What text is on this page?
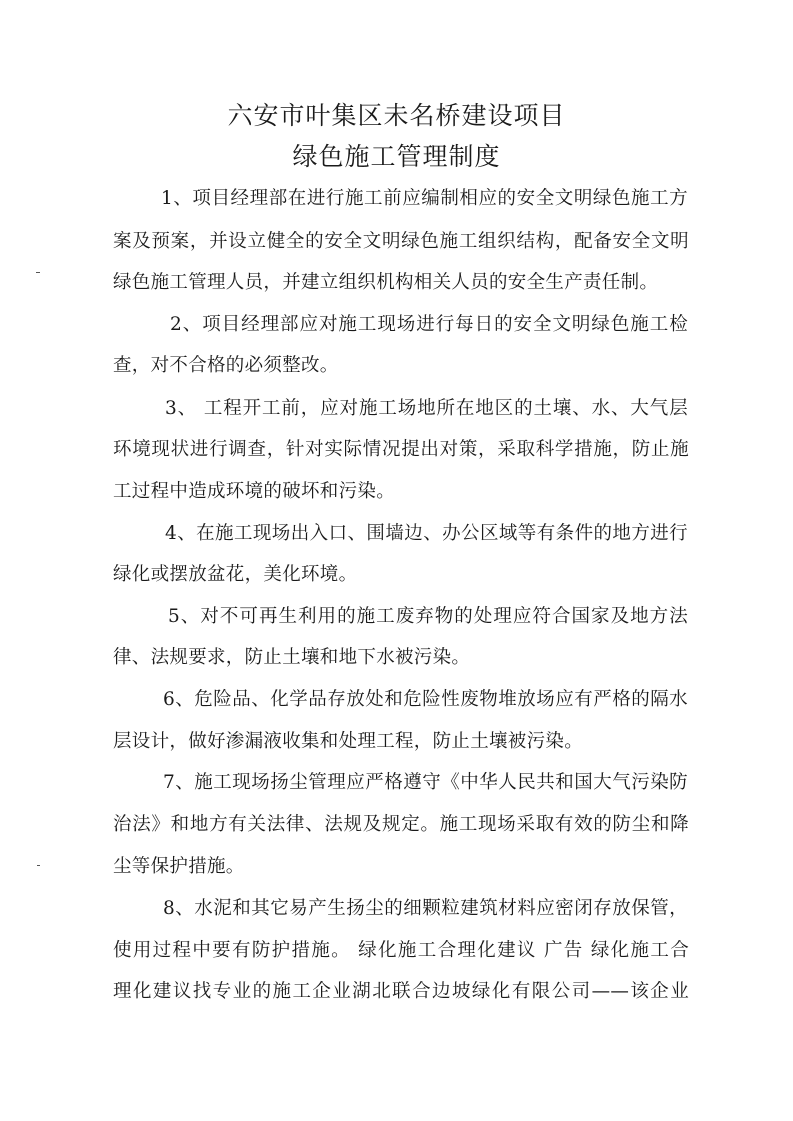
六安市叶集区未名桥建设项目
绿色施工管理制度
1、项目经理部在进行施工前应编制相应的安全文明绿色施工方
案及预案，并设立健全的安全文明绿色施工组织结构，配备安全文明
绿色施工管理人员，并建立组织机构相关人员的安全生产责任制。
2、项目经理部应对施工现场进行每日的安全文明绿色施工检
查，对不合格的必须整改。
3、 工程开工前，应对施工场地所在地区的土壤、水、大气层
环境现状进行调查，针对实际情况提出对策，采取科学措施，防止施
工过程中造成环境的破坏和污染。
4、在施工现场出入口、围墙边、办公区域等有条件的地方进行
绿化或摆放盆花，美化环境。
5、对不可再生利用的施工废弃物的处理应符合国家及地方法
律、法规要求，防止土壤和地下水被污染。
6、危险品、化学品存放处和危险性废物堆放场应有严格的隔水
层设计，做好渗漏液收集和处理工程，防止土壤被污染。
7、施工现场扬尘管理应严格遵守《中华人民共和国大气污染防
治法》和地方有关法律、法规及规定。施工现场采取有效的防尘和降
尘等保护措施。
8、水泥和其它易产生扬尘的细颗粒建筑材料应密闭存放保管，
使用过程中要有防护措施。 绿化施工合理化建议 广告 绿化施工合
理化建议找专业的施工企业湖北联合边坡绿化有限公司——该企业
